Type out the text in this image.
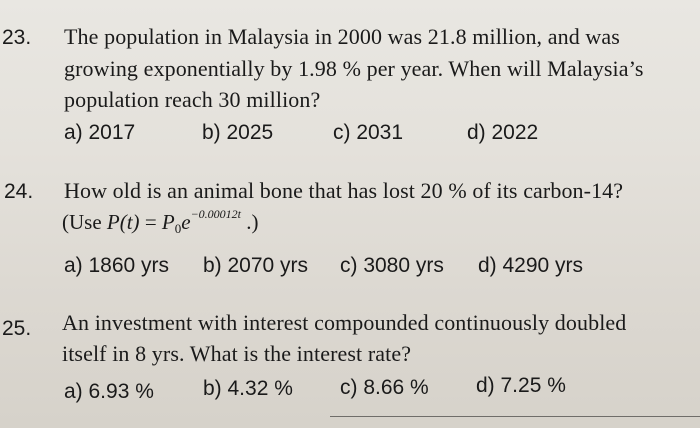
23. The population in Malaysia in 2000 was 21.8 million, and was
growing exponentially by 1.98 % per year. When will Malaysia’s
population reach 30 million?
a) 2017	b) 2025	c) 2031	d) 2022
24. How old is an animal bone that has lost 20 % of its carbon-14?
(Use $P(t) = P_0e^{-0.00012t}$ .)
a) 1860 yrs b) 2070 yrs c) 3080 yrs d) 4290 yrs
25. An investment with interest compounded continuously doubled
itself in 8 yrs. What is the interest rate?
a) 6.93 % b) 4.32 % c) 8.66 % d) 7.25 %
